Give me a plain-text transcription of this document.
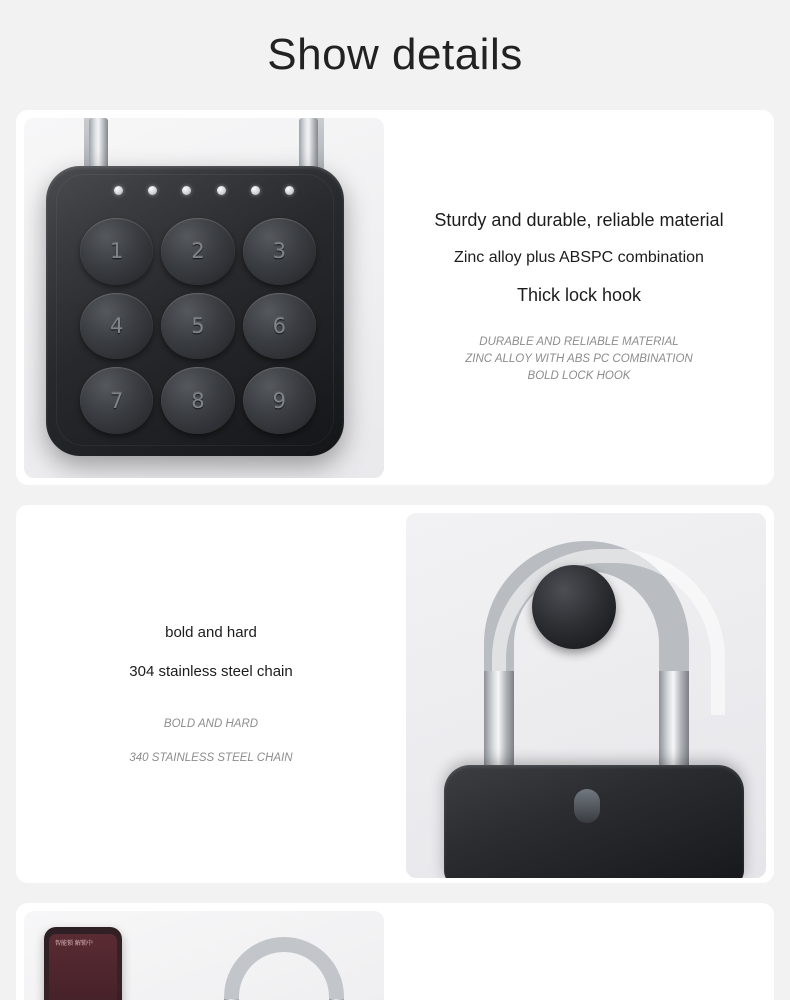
Show details
1	2	3
4	5	6
7	8	9
Sturdy and durable, reliable material
Zinc alloy plus ABSPC combination
Thick lock hook
DURABLE AND RELIABLE MATERIAL
ZINC ALLOY WITH ABS PC COMBINATION
BOLD LOCK HOOK
bold and hard
304 stainless steel chain
BOLD AND HARD
340 STAINLESS STEEL CHAIN
智能锁 解锁中
